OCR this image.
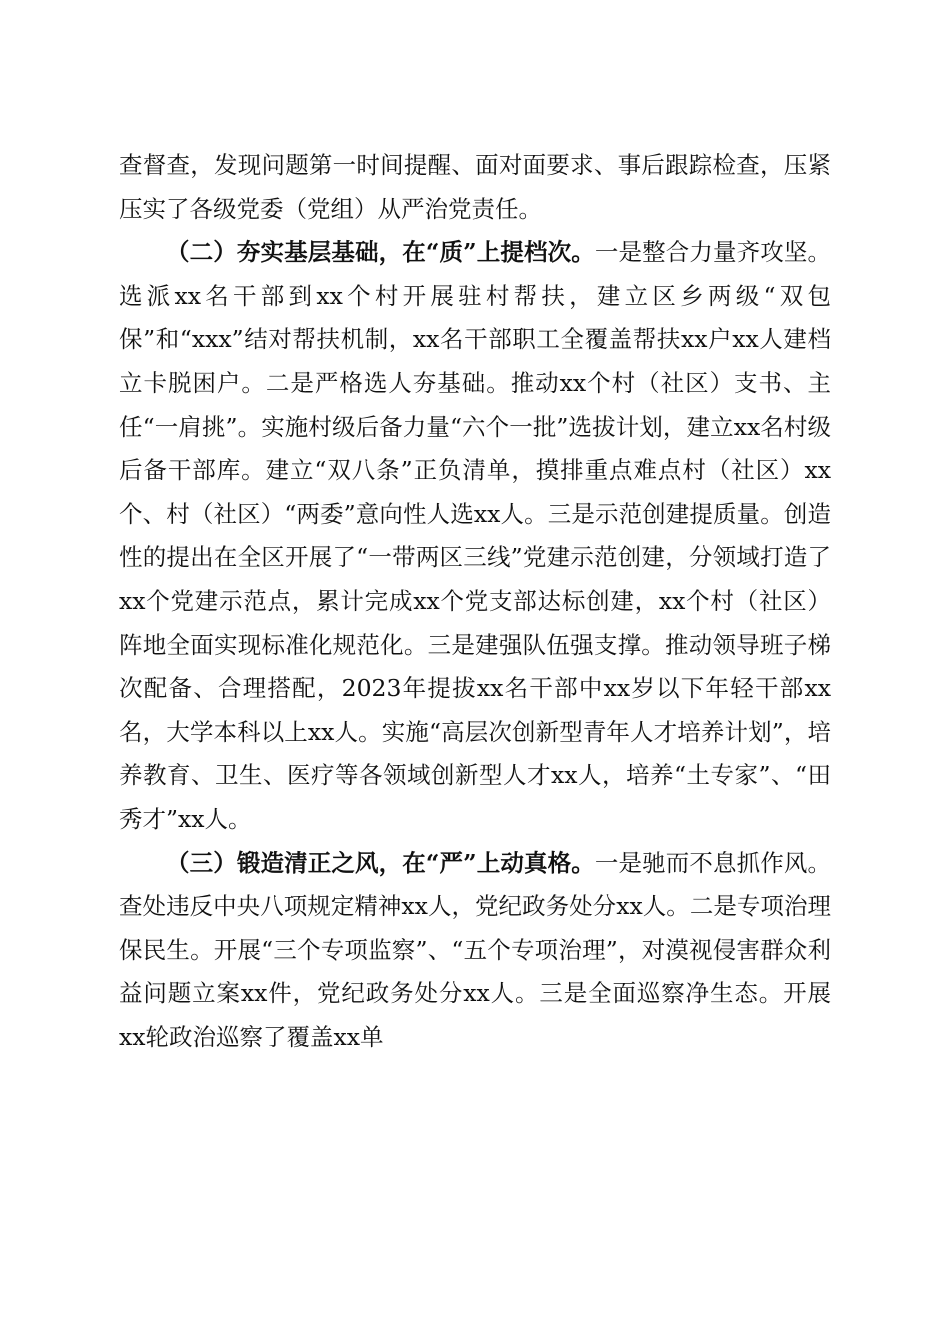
查督查，发现问题第一时间提醒、面对面要求、事后跟踪检查，压紧压实了各级党委（党组）从严治党责任。

（二）夯实基层基础，在“质”上提档次。一是整合力量齐攻坚。选派xx名干部到xx个村开展驻村帮扶，建立区乡两级“双包保”和“xxx”结对帮扶机制，xx名干部职工全覆盖帮扶xx户xx人建档立卡脱困户。二是严格选人夯基础。推动xx个村（社区）支书、主任“一肩挑”。实施村级后备力量“六个一批”选拔计划，建立xx名村级后备干部库。建立“双八条”正负清单，摸排重点难点村（社区）xx个、村（社区）“两委”意向性人选xx人。三是示范创建提质量。创造性的提出在全区开展了“一带两区三线”党建示范创建，分领域打造了xx个党建示范点，累计完成xx个党支部达标创建，xx个村（社区）阵地全面实现标准化规范化。三是建强队伍强支撑。推动领导班子梯次配备、合理搭配，2023年提拔xx名干部中xx岁以下年轻干部xx名，大学本科以上xx人。实施“高层次创新型青年人才培养计划”，培养教育、卫生、医疗等各领域创新型人才xx人，培养“土专家”、“田秀才”xx人。

（三）锻造清正之风，在“严”上动真格。一是驰而不息抓作风。查处违反中央八项规定精神xx人，党纪政务处分xx人。二是专项治理保民生。开展“三个专项监察”、“五个专项治理”，对漠视侵害群众利益问题立案xx件，党纪政务处分xx人。三是全面巡察净生态。开展xx轮政治巡察了覆盖xx单
